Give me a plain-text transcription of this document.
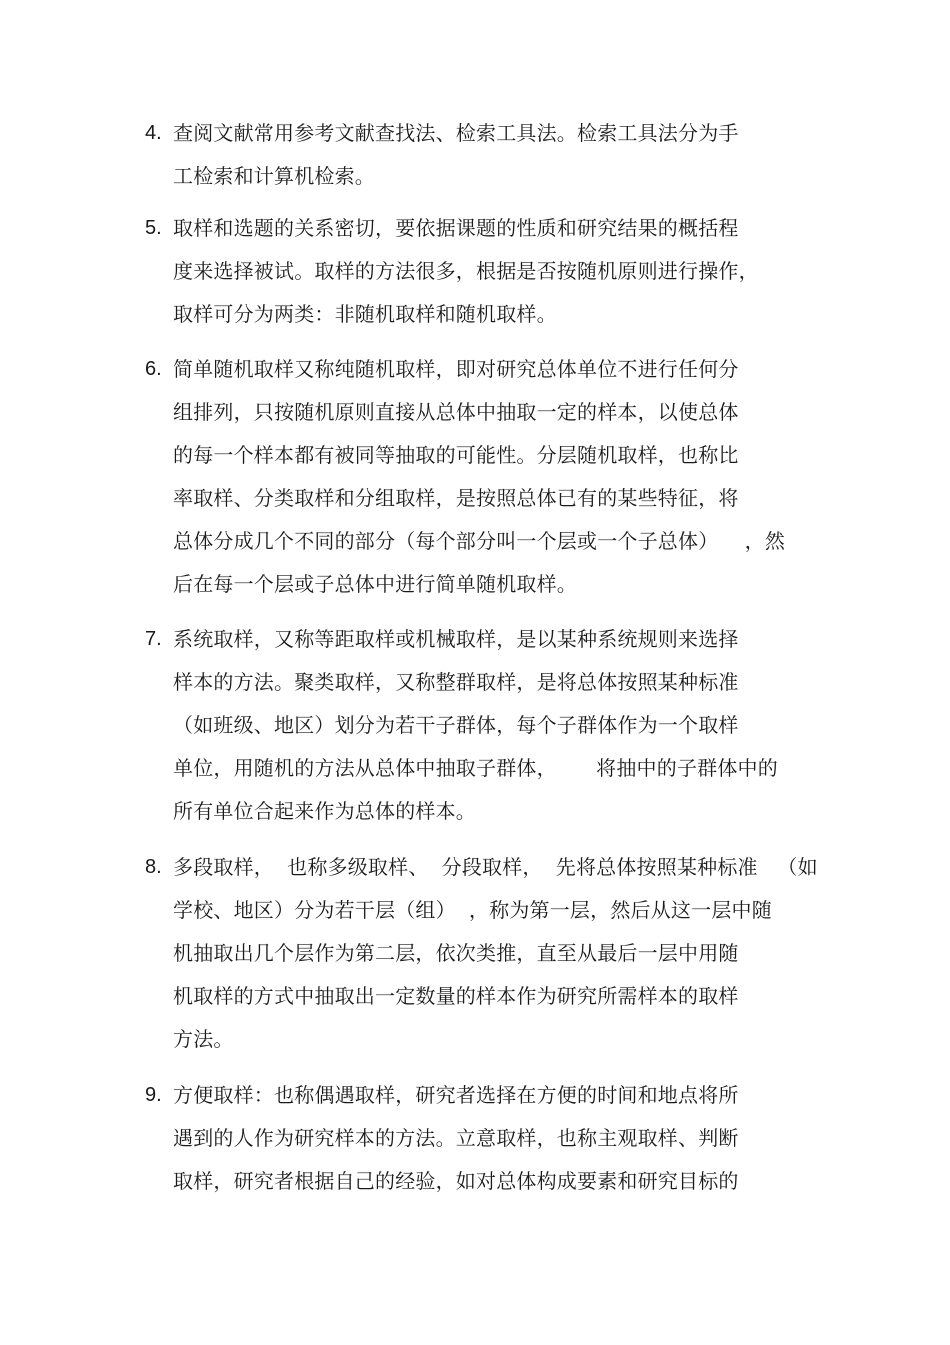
4. 查阅文献常用参考文献查找法、检索工具法。检索工具法分为手
工检索和计算机检索。
5. 取样和选题的关系密切，要依据课题的性质和研究结果的概括程
度来选择被试。取样的方法很多，根据是否按随机原则进行操作，
取样可分为两类：非随机取样和随机取样。
6. 简单随机取样又称纯随机取样，即对研究总体单位不进行任何分
组排列，只按随机原则直接从总体中抽取一定的样本，以使总体
的每一个样本都有被同等抽取的可能性。分层随机取样，也称比
率取样、分类取样和分组取样，是按照总体已有的某些特征，将
总体分成几个不同的部分（每个部分叫一个层或一个子总体）    ，然
后在每一个层或子总体中进行简单随机取样。
7. 系统取样，又称等距取样或机械取样，是以某种系统规则来选择
样本的方法。聚类取样，又称整群取样，是将总体按照某种标准
（如班级、地区）划分为若干子群体，每个子群体作为一个取样
单位，用随机的方法从总体中抽取子群体，      将抽中的子群体中的
所有单位合起来作为总体的样本。
8. 多段取样，  也称多级取样、  分段取样，  先将总体按照某种标准   （如
学校、地区）分为若干层（组）  ，称为第一层，然后从这一层中随
机抽取出几个层作为第二层，依次类推，直至从最后一层中用随
机取样的方式中抽取出一定数量的样本作为研究所需样本的取样
方法。
9. 方便取样：也称偶遇取样，研究者选择在方便的时间和地点将所
遇到的人作为研究样本的方法。立意取样，也称主观取样、判断
取样，研究者根据自己的经验，如对总体构成要素和研究目标的
